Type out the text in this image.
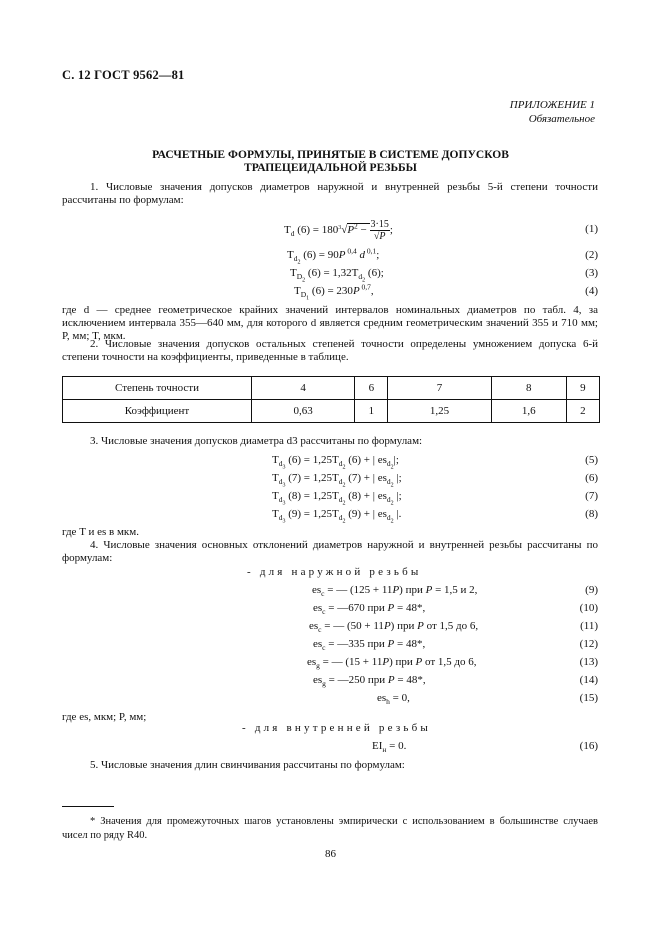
С. 12 ГОСТ 9562—81
ПРИЛОЖЕНИЕ 1
Обязательное
РАСЧЕТНЫЕ ФОРМУЛЫ, ПРИНЯТЫЕ В СИСТЕМЕ ДОПУСКОВ
ТРАПЕЦЕИДАЛЬНОЙ РЕЗЬБЫ
1. Числовые значения допусков диаметров наружной и внутренней резьбы 5-й степени точности рассчитаны по формулам:
$T_d$ $(6) = 180^3√P^2 - \frac{3\cdot 15}{√P}$ ;	(1)
$T_{d_2}$ (6) = 90P $^{0,4}$ d $^{0,1}$;	(2)
$T_{D_2}$ $(6) = 1,32T_{d_2}$ (6);	(3)
$T_{D_1}$ (6) = 230P $^{0,7}$,	(4)
где d — среднее геометрическое крайних значений интервалов номинальных диаметров по табл. 4, за исключением интервала 355—640 мм, для которого d является средним геометрическим значений 355 и 710 мм; P, мм; T, мкм.
2. Числовые значения допусков остальных степеней точности определены умножением допуска 6-й степени точности на коэффициенты, приведенные в таблице.
Степень точности	4	6	7	8	9
Коэффициент	0,63	1	1,25	1,6	2
3. Числовые значения допусков диаметра d3 рассчитаны по формулам:
$T_{d_3}$ $(6) = 1,25T_{d_2}$ (6) + | $es_{d_2}|$;	(5)
$T_{d_3}$ $(7) = 1,25T_{d_2}$ (7) + | $es_{d_2}$ |;	(6)
$T_{d_3}$ $(8) = 1,25T_{d_2}$ (8) + | $es_{d_2}$ |;	(7)
$T_{d_3}$ $(9) = 1,25T_{d_2}$ (9) + | $es_{d_2}$ |.	(8)
где T и es в мкм.
4. Числовые значения основных отклонений диаметров наружной и внутренней резьбы рассчитаны по формулам:
- для наружной резьбы
$es_c$ = — (125 + 11P) при P = 1,5 и 2,	(9)
$es_c$ = —670 при P = 48*,	(10)
$es_c$ = — (50 + 11P) при P от 1,5 до 6,	(11)
$es_c$ = —335 при P = 48*,	(12)
$es_g$ = — (15 + 11P) при P от 1,5 до 6,	(13)
$es_g$ = —250 при P = 48*,	(14)
$es_h = 0$,	(15)
где es, мкм; P, мм;
- для внутренней резьбы
$EI_н = 0$.	(16)
5. Числовые значения длин свинчивания рассчитаны по формулам:
* Значения для промежуточных шагов установлены эмпирически с использованием в большинстве случаев чисел по ряду R40.
86
